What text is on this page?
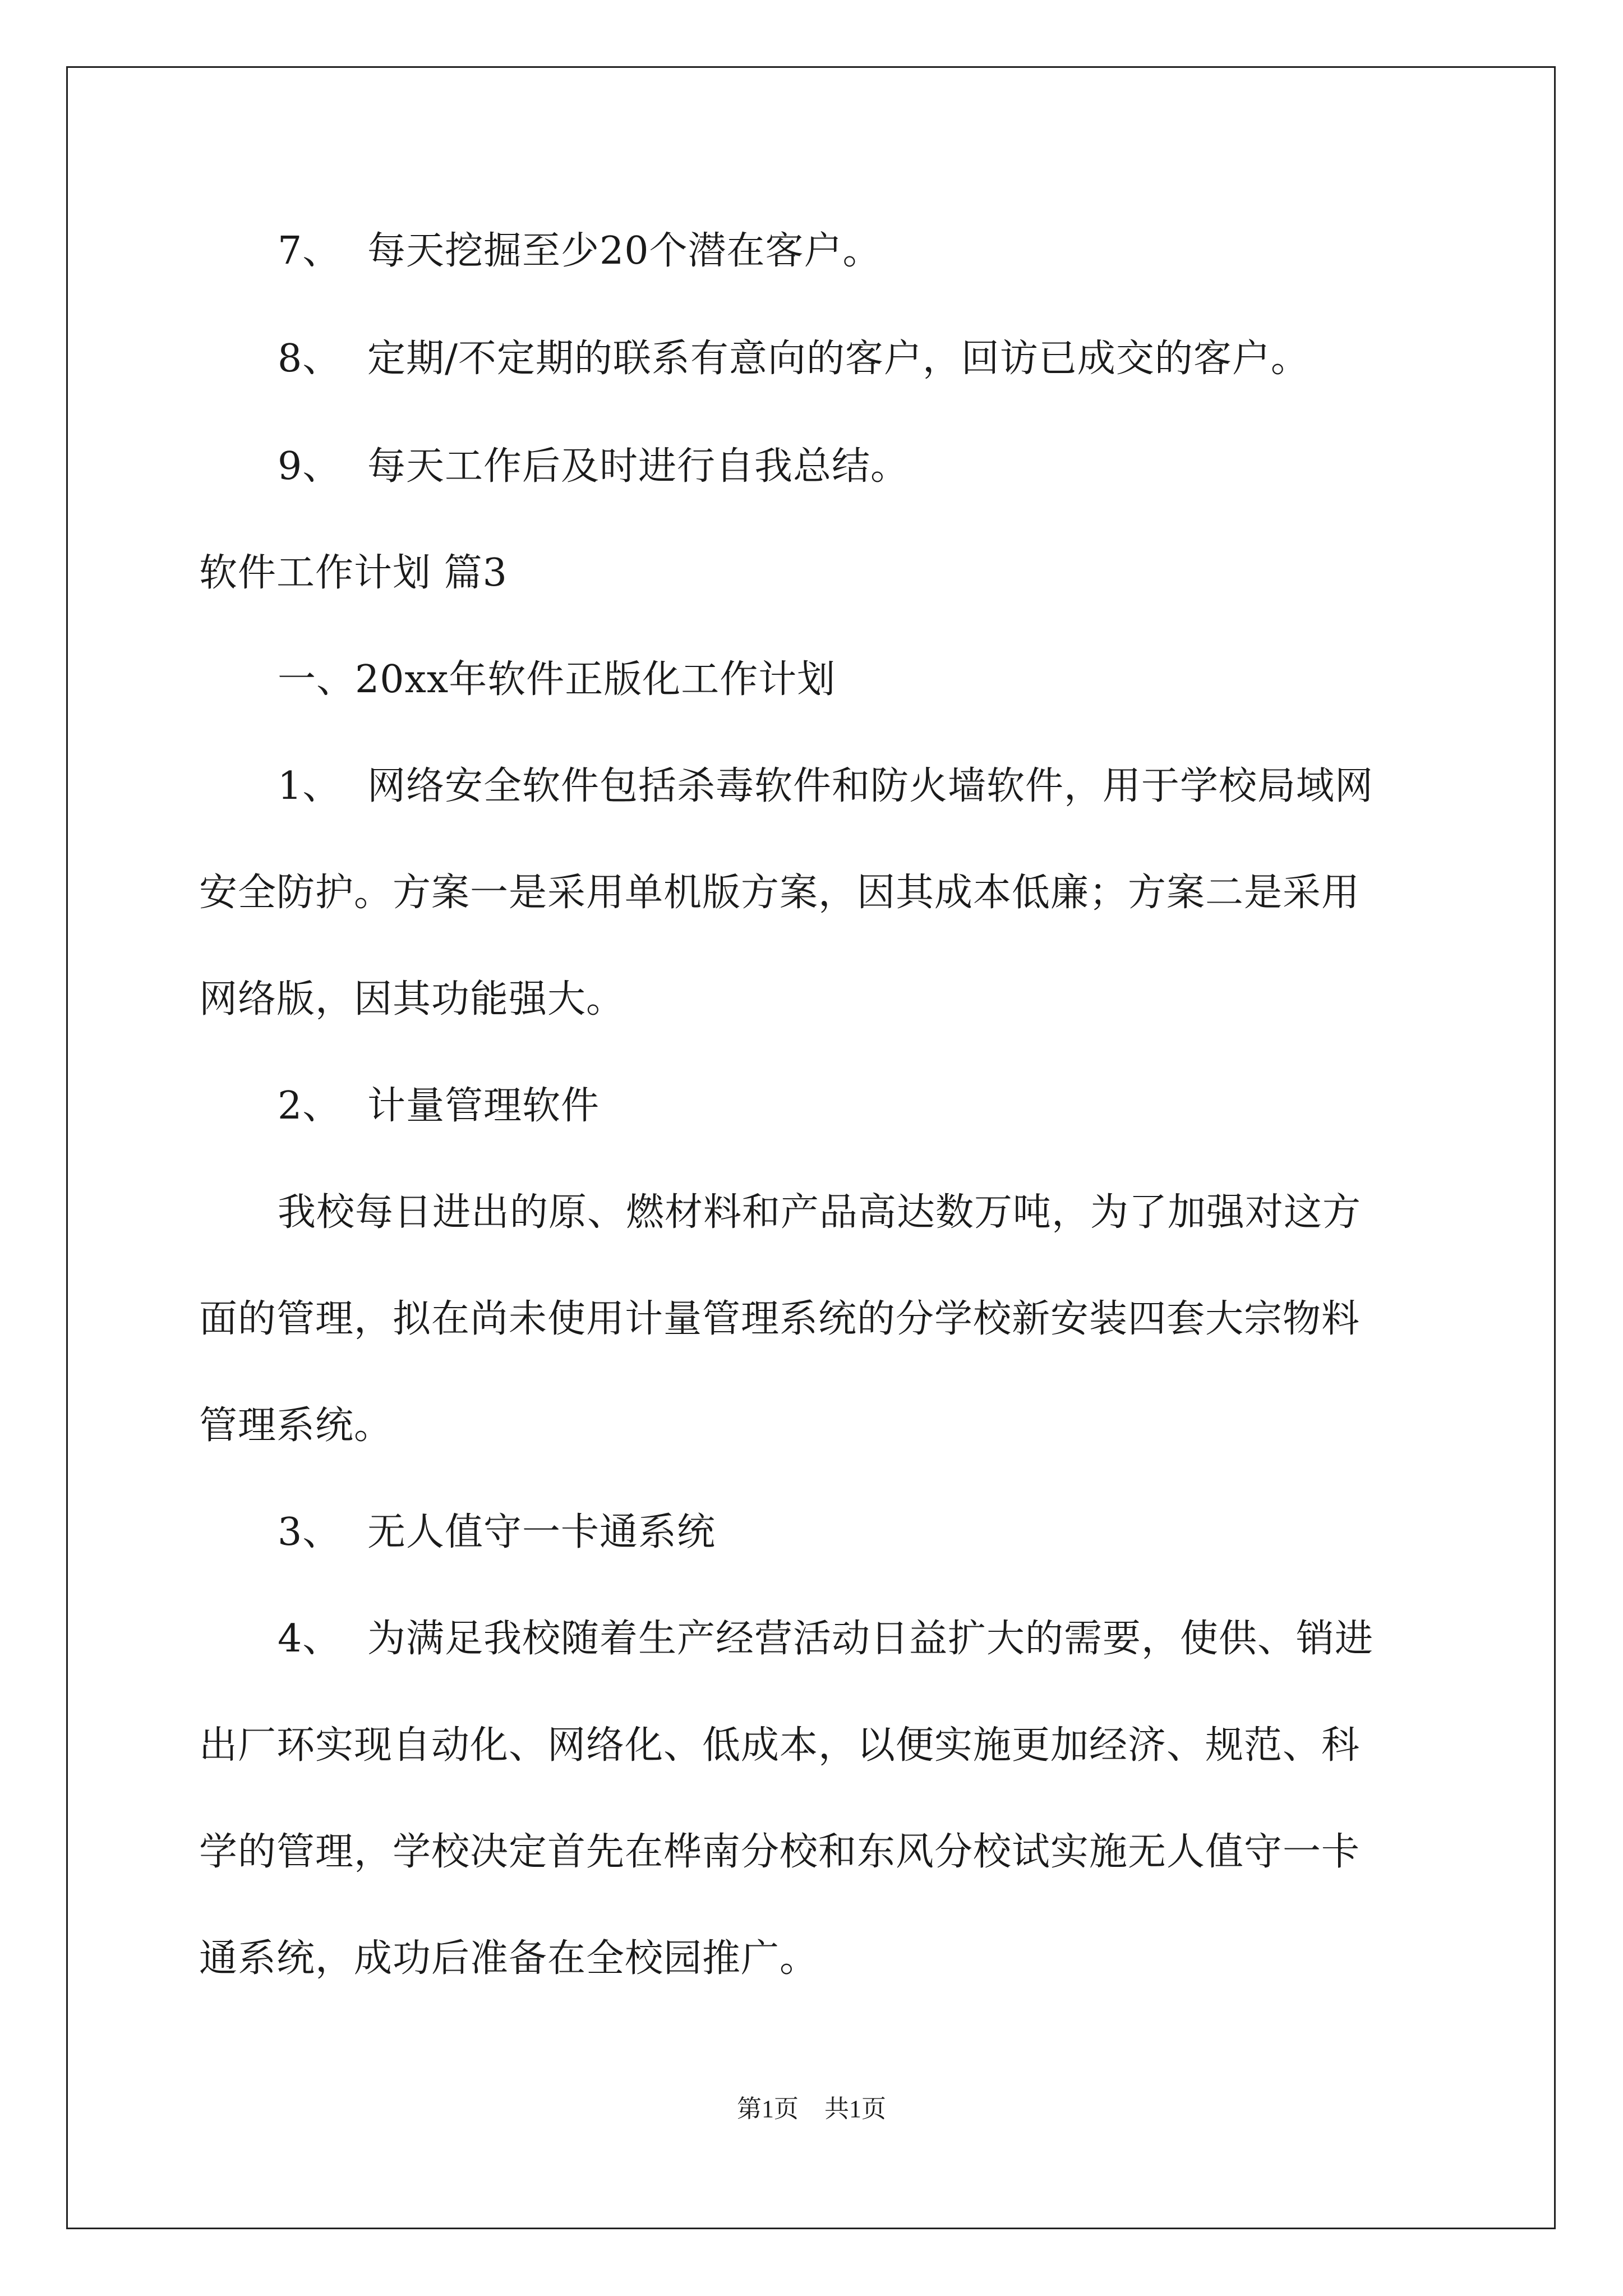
7、 每天挖掘至少20个潜在客户。
8、 定期/不定期的联系有意向的客户，回访已成交的客户。
9、 每天工作后及时进行自我总结。
软件工作计划 篇3
一、20xx年软件正版化工作计划
1、 网络安全软件包括杀毒软件和防火墙软件，用于学校局域网
安全防护。方案一是采用单机版方案，因其成本低廉；方案二是采用
网络版，因其功能强大。
2、 计量管理软件
我校每日进出的原、燃材料和产品高达数万吨，为了加强对这方
面的管理，拟在尚未使用计量管理系统的分学校新安装四套大宗物料
管理系统。
3、 无人值守一卡通系统
4、 为满足我校随着生产经营活动日益扩大的需要，使供、销进
出厂环实现自动化、网络化、低成本，以便实施更加经济、规范、科
学的管理，学校决定首先在桦南分校和东风分校试实施无人值守一卡
通系统，成功后准备在全校园推广。
第1页 共1页
